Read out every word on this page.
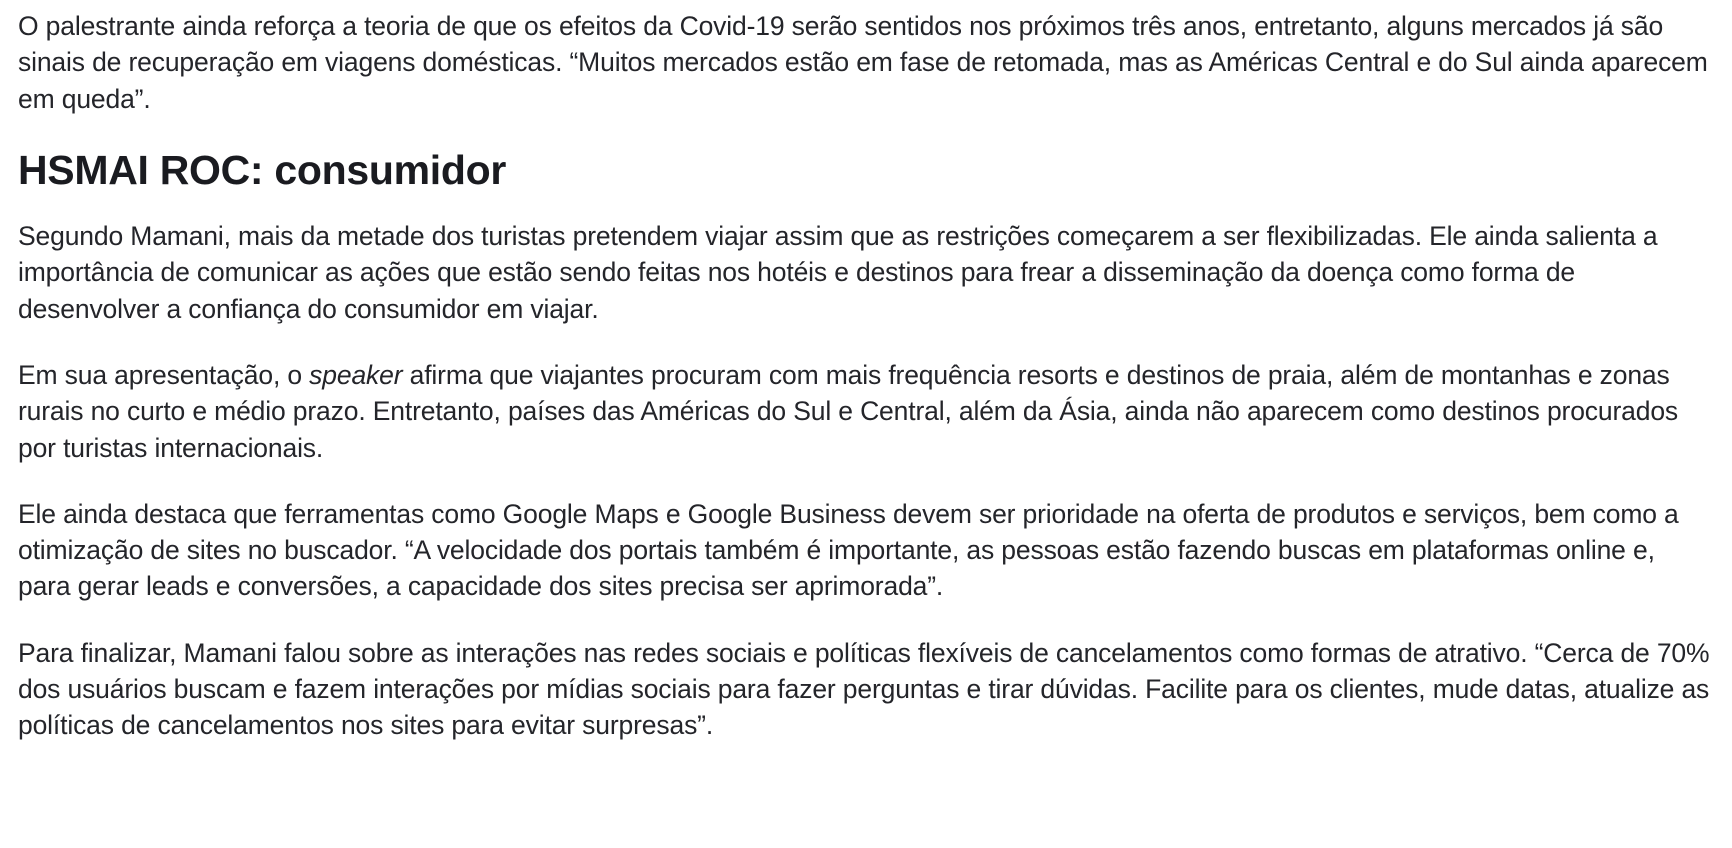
O palestrante ainda reforça a teoria de que os efeitos da Covid-19 serão sentidos nos próximos três anos, entretanto, alguns mercados já são sinais de recuperação em viagens domésticas. “Muitos mercados estão em fase de retomada, mas as Américas Central e do Sul ainda aparecem em queda”.

HSMAI ROC: consumidor

Segundo Mamani, mais da metade dos turistas pretendem viajar assim que as restrições começarem a ser flexibilizadas. Ele ainda salienta a importância de comunicar as ações que estão sendo feitas nos hotéis e destinos para frear a disseminação da doença como forma de desenvolver a confiança do consumidor em viajar.

Em sua apresentação, o speaker afirma que viajantes procuram com mais frequência resorts e destinos de praia, além de montanhas e zonas rurais no curto e médio prazo. Entretanto, países das Américas do Sul e Central, além da Ásia, ainda não aparecem como destinos procurados por turistas internacionais.

Ele ainda destaca que ferramentas como Google Maps e Google Business devem ser prioridade na oferta de produtos e serviços, bem como a otimização de sites no buscador. “A velocidade dos portais também é importante, as pessoas estão fazendo buscas em plataformas online e, para gerar leads e conversões, a capacidade dos sites precisa ser aprimorada”.

Para finalizar, Mamani falou sobre as interações nas redes sociais e políticas flexíveis de cancelamentos como formas de atrativo. “Cerca de 70% dos usuários buscam e fazem interações por mídias sociais para fazer perguntas e tirar dúvidas. Facilite para os clientes, mude datas, atualize as políticas de cancelamentos nos sites para evitar surpresas”.
